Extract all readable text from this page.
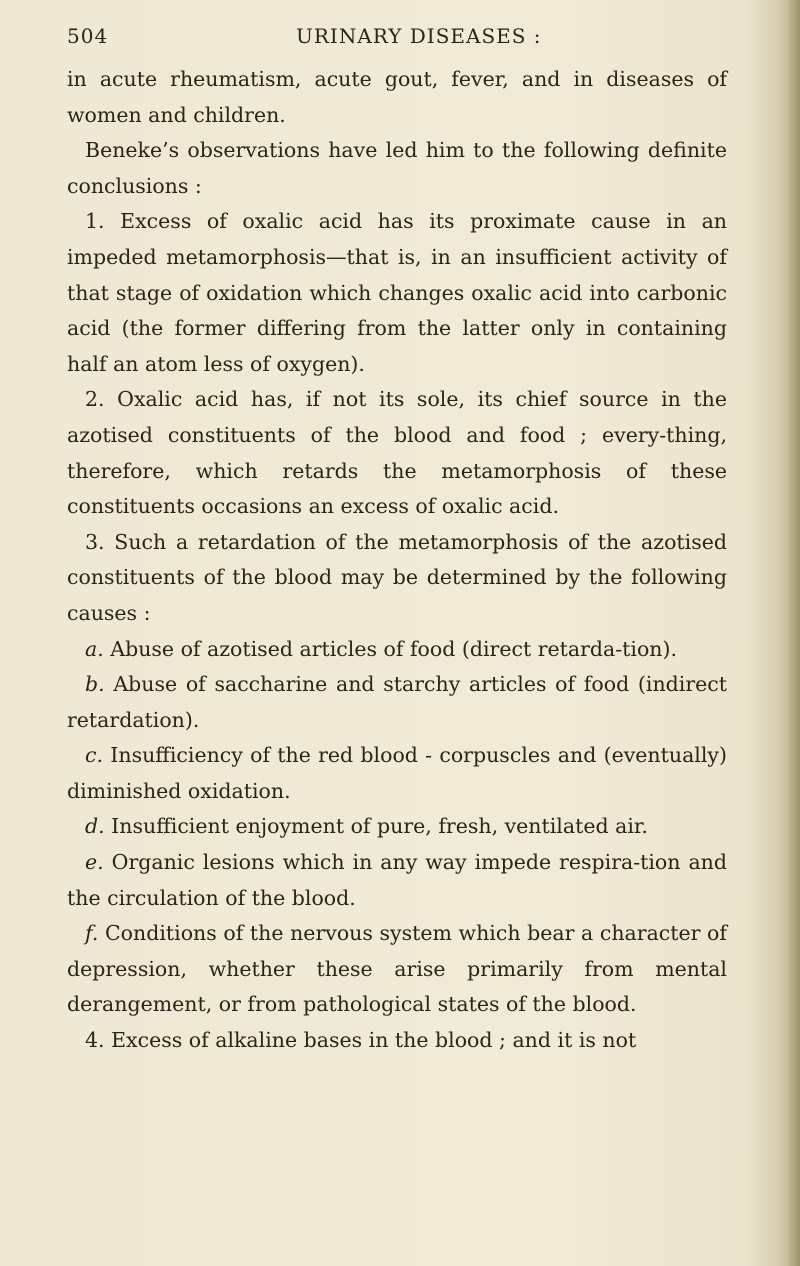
504	URINARY DISEASES :

in acute rheumatism, acute gout, fever, and in diseases of women and children.

Beneke’s observations have led him to the following definite conclusions :

1. Excess of oxalic acid has its proximate cause in an impeded metamorphosis—that is, in an insufficient activity of that stage of oxidation which changes oxalic acid into carbonic acid (the former differing from the latter only in containing half an atom less of oxygen).

2. Oxalic acid has, if not its sole, its chief source in the azotised constituents of the blood and food ; every-thing, therefore, which retards the metamorphosis of these constituents occasions an excess of oxalic acid.

3. Such a retardation of the metamorphosis of the azotised constituents of the blood may be determined by the following causes :

a. Abuse of azotised articles of food (direct retarda-tion).

b. Abuse of saccharine and starchy articles of food (indirect retardation).

c. Insufficiency of the red blood - corpuscles and (eventually) diminished oxidation.

d. Insufficient enjoyment of pure, fresh, ventilated air.

e. Organic lesions which in any way impede respira-tion and the circulation of the blood.

f. Conditions of the nervous system which bear a character of depression, whether these arise primarily from mental derangement, or from pathological states of the blood.

4. Excess of alkaline bases in the blood ; and it is not
